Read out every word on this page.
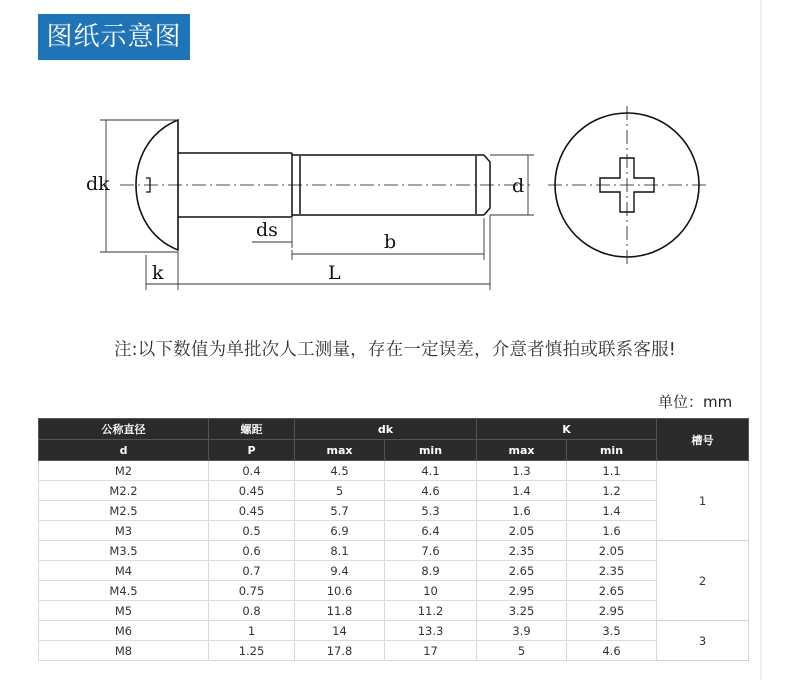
图纸示意图
dk	d
ds
b
k	L
注:以下数值为单批次人工测量，存在一定误差，介意者慎拍或联系客服!
单位：mm
公称直径	螺距	dk		K		槽号
d	P	max	min	max	min	
M2	0.4	4.5	4.1	1.3	1.1	1
M2.2	0.45	5	4.6	1.4	1.2	
M2.5	0.45	5.7	5.3	1.6	1.4	
M3	0.5	6.9	6.4	2.05	1.6	
M3.5	0.6	8.1	7.6	2.35	2.05	2
M4	0.7	9.4	8.9	2.65	2.35	
M4.5	0.75	10.6	10	2.95	2.65	
M5	0.8	11.8	11.2	3.25	2.95	
M6	1	14	13.3	3.9	3.5	3
M8	1.25	17.8	17	5	4.6	
